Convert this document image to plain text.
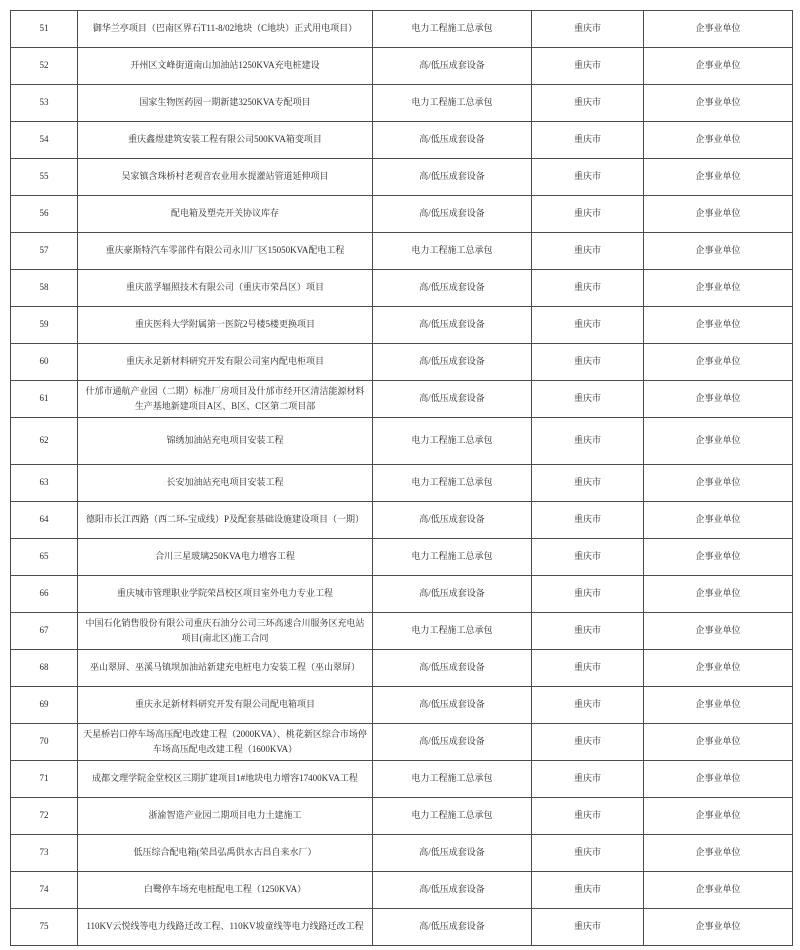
51	御华兰亭项目（巴南区界石T11-8/02地块（C地块）正式用电项目）	电力工程施工总承包	重庆市	企事业单位
52	开州区文峰街道南山加油站1250KVA充电桩建设	高/低压成套设备	重庆市	企事业单位
53	国家生物医药园一期新建3250KVA专配项目	电力工程施工总承包	重庆市	企事业单位
54	重庆鑫煜建筑安装工程有限公司500KVA箱变项目	高/低压成套设备	重庆市	企事业单位
55	吴家镇含珠桥村老观音农业用水提灌站管道延伸项目	高/低压成套设备	重庆市	企事业单位
56	配电箱及塑壳开关协议库存	高/低压成套设备	重庆市	企事业单位
57	重庆豪斯特汽车零部件有限公司永川厂区15050KVA配电工程	电力工程施工总承包	重庆市	企事业单位
58	重庆蓝孚辐照技术有限公司（重庆市荣昌区）项目	高/低压成套设备	重庆市	企事业单位
59	重庆医科大学附属第一医院2号楼5楼更换项目	高/低压成套设备	重庆市	企事业单位
60	重庆永足新材料研究开发有限公司室内配电柜项目	高/低压成套设备	重庆市	企事业单位
61	什邡市通航产业园（二期）标准厂房项目及什邡市经开区清洁能源材料生产基地新建项目A区、B区、C区第二项目部	高/低压成套设备	重庆市	企事业单位
62	锦绣加油站充电项目安装工程	电力工程施工总承包	重庆市	企事业单位
63	长安加油站充电项目安装工程	电力工程施工总承包	重庆市	企事业单位
64	德阳市长江西路（西二环-宝成线）P及配套基础设施建设项目（一期）	高/低压成套设备	重庆市	企事业单位
65	合川三星玻璃250KVA电力增容工程	电力工程施工总承包	重庆市	企事业单位
66	重庆城市管理职业学院荣昌校区项目室外电力专业工程	高/低压成套设备	重庆市	企事业单位
67	中国石化销售股份有限公司重庆石油分公司三环高速合川服务区充电站项目(南北区)施工合同	电力工程施工总承包	重庆市	企事业单位
68	巫山翠屏、巫溪马镇坝加油站新建充电桩电力安装工程（巫山翠屏）	高/低压成套设备	重庆市	企事业单位
69	重庆永足新材料研究开发有限公司配电箱项目	高/低压成套设备	重庆市	企事业单位
70	天星桥岩口停车场高压配电改建工程（2000KVA）、桃花新区综合市场停车场高压配电改建工程（1600KVA）	高/低压成套设备	重庆市	企事业单位
71	成都文理学院金堂校区三期扩建项目1#地块电力增容17400KVA工程	电力工程施工总承包	重庆市	企事业单位
72	浙渝智造产业园二期项目电力土建施工	电力工程施工总承包	重庆市	企事业单位
73	低压综合配电箱(荣昌弘禹供水古昌自来水厂）	高/低压成套设备	重庆市	企事业单位
74	白鹭停车场充电桩配电工程（1250KVA）	高/低压成套设备	重庆市	企事业单位
75	110KV云悦线等电力线路迁改工程、110KV坡童线等电力线路迁改工程	高/低压成套设备	重庆市	企事业单位
